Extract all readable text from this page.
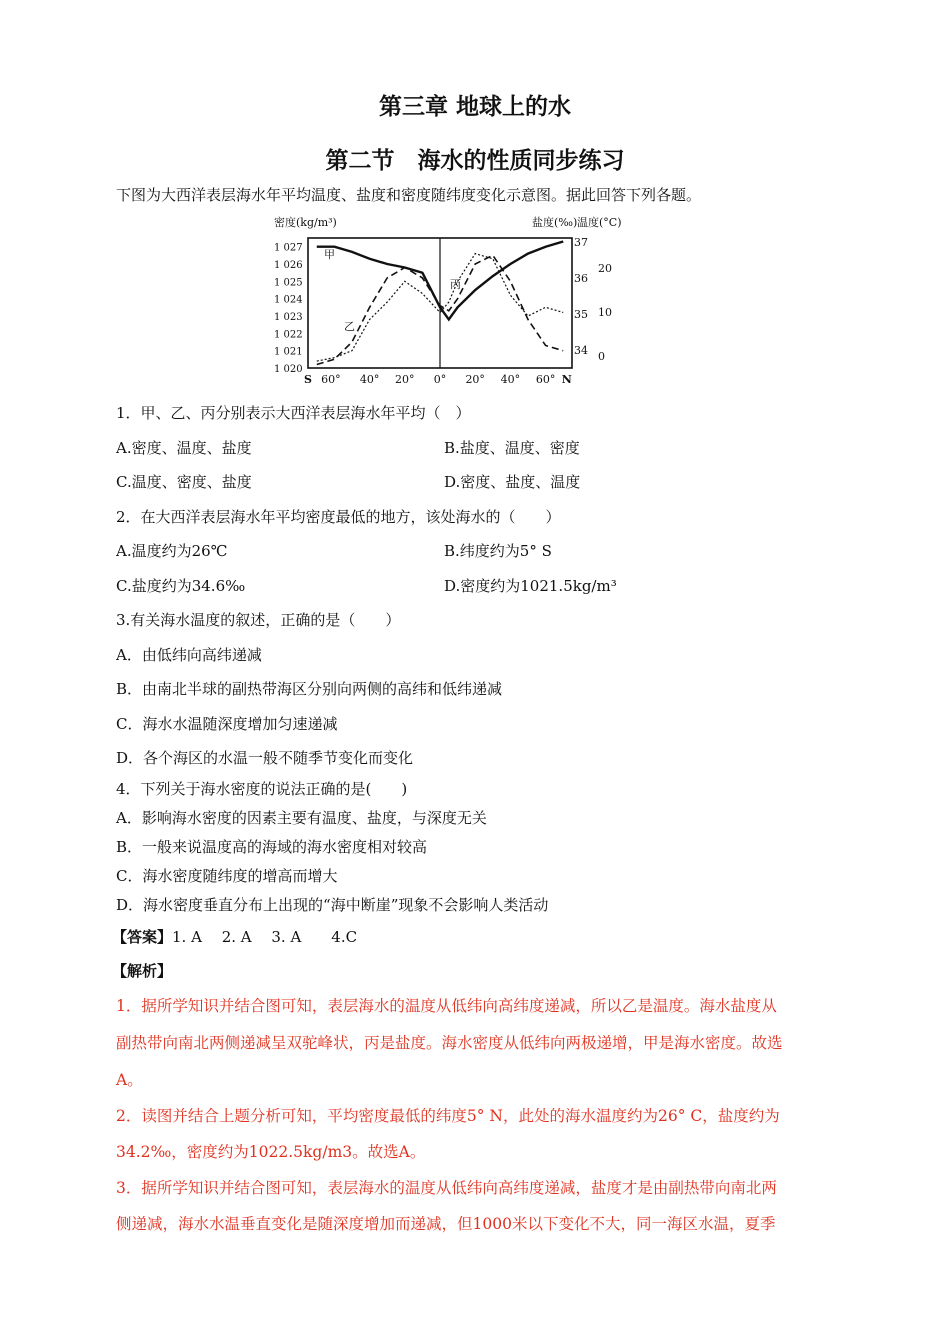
第三章 地球上的水
第二节　海水的性质同步练习
下图为大西洋表层海水年平均温度、盐度和密度随纬度变化示意图。据此回答下列各题。
密度(kg/m³)	盐度(‰) 温度(°C)
1 027
1 026
1 025
1 024
1 023
1 022
1 021
1 020
37
36
35
34
20
10
0
S 60° 40° 20° 0° 20° 40° 60° N
甲
乙
丙
1．甲、乙、丙分别表示大西洋表层海水年平均（　）
A.密度、温度、盐度	B.盐度、温度、密度
C.温度、密度、盐度	D.密度、盐度、温度
2．在大西洋表层海水年平均密度最低的地方，该处海水的（　　）
A.温度约为26℃	B.纬度约为5° S
C.盐度约为34.6‰	D.密度约为1021.5kg/m³
3.有关海水温度的叙述，正确的是（　　）
A．由低纬向高纬递减
B．由南北半球的副热带海区分别向两侧的高纬和低纬递减
C．海水水温随深度增加匀速递减
D．各个海区的水温一般不随季节变化而变化
4．下列关于海水密度的说法正确的是(　　)
A．影响海水密度的因素主要有温度、盐度，与深度无关
B．一般来说温度高的海域的海水密度相对较高
C．海水密度随纬度的增高而增大
D．海水密度垂直分布上出现的“海中断崖”现象不会影响人类活动
【答案】1. A　 2. A　 3. A　　4.C
【解析】
1．据所学知识并结合图可知，表层海水的温度从低纬向高纬度递减，所以乙是温度。海水盐度从
副热带向南北两侧递减呈双驼峰状，丙是盐度。海水密度从低纬向两极递增，甲是海水密度。故选
A。
2．读图并结合上题分析可知，平均密度最低的纬度5° N，此处的海水温度约为26° C，盐度约为
34.2‰，密度约为1022.5kg/m3。故选A。
3．据所学知识并结合图可知，表层海水的温度从低纬向高纬度递减，盐度才是由副热带向南北两
侧递减，海水水温垂直变化是随深度增加而递减，但1000米以下变化不大，同一海区水温，夏季
